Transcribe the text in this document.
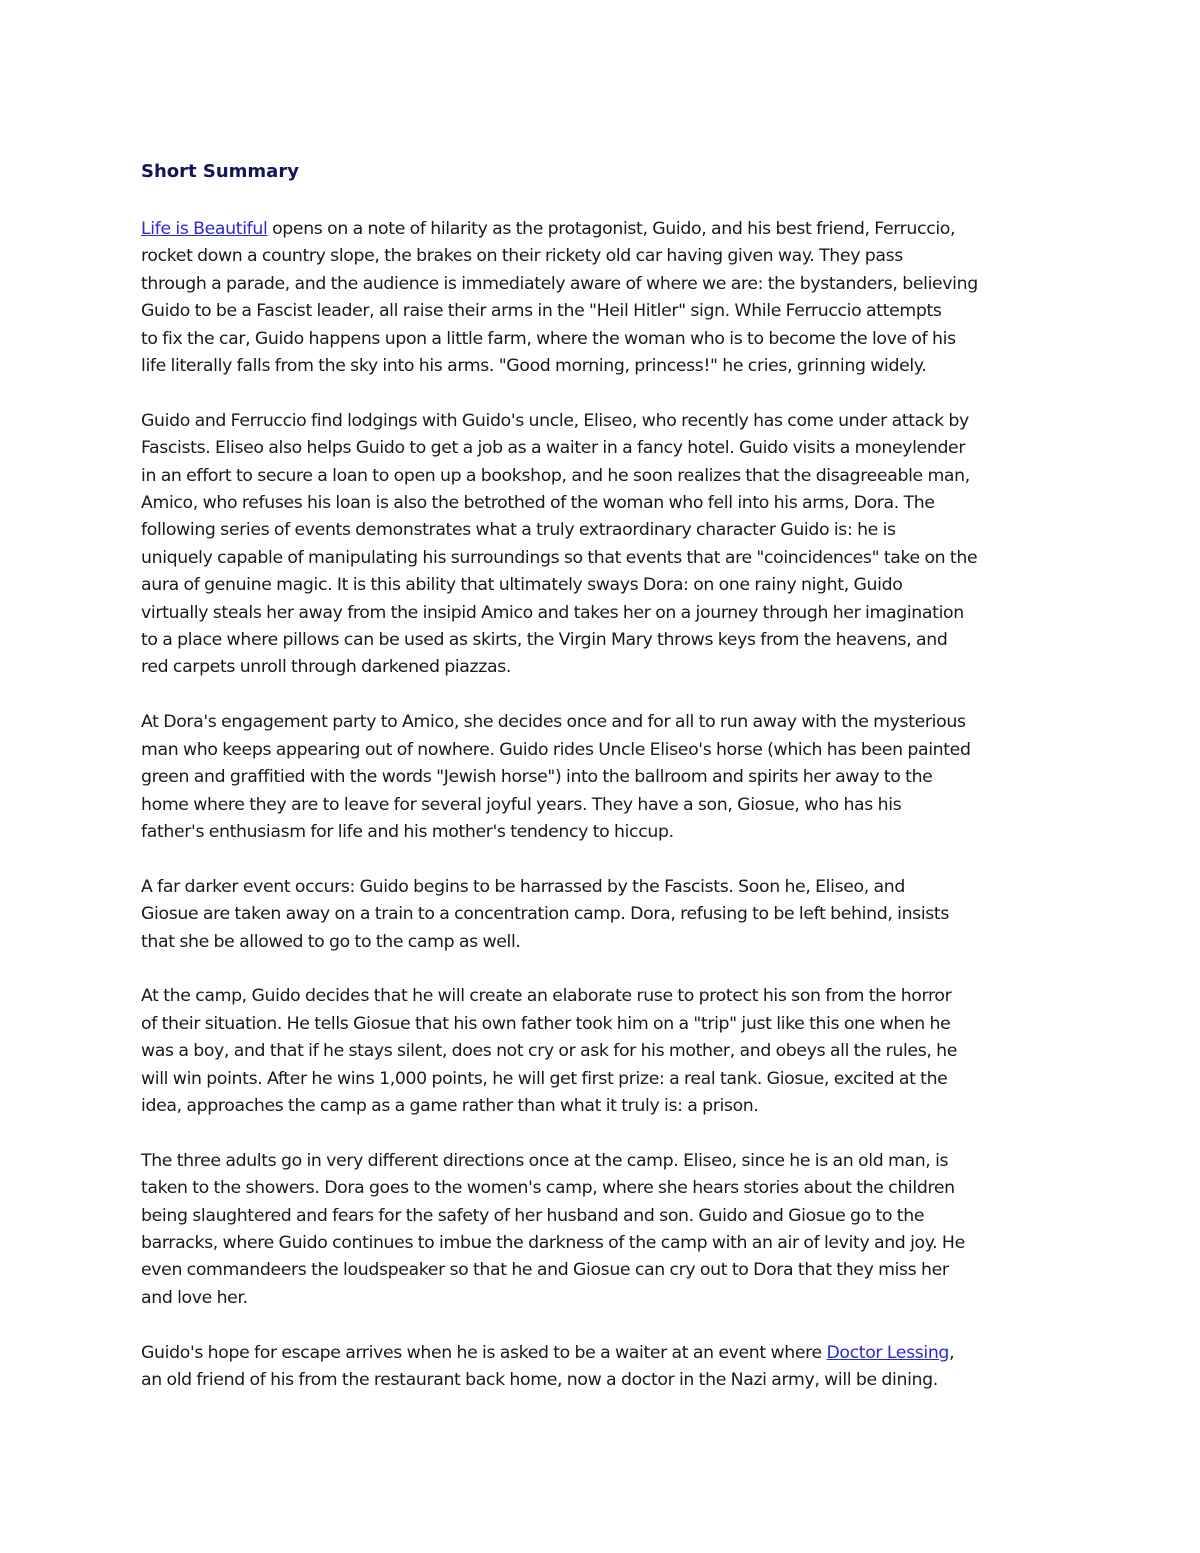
Short Summary
Life is Beautiful opens on a note of hilarity as the protagonist, Guido, and his best friend, Ferruccio,
rocket down a country slope, the brakes on their rickety old car having given way. They pass
through a parade, and the audience is immediately aware of where we are: the bystanders, believing
Guido to be a Fascist leader, all raise their arms in the "Heil Hitler" sign. While Ferruccio attempts
to fix the car, Guido happens upon a little farm, where the woman who is to become the love of his
life literally falls from the sky into his arms. "Good morning, princess!" he cries, grinning widely.
Guido and Ferruccio find lodgings with Guido's uncle, Eliseo, who recently has come under attack by
Fascists. Eliseo also helps Guido to get a job as a waiter in a fancy hotel. Guido visits a moneylender
in an effort to secure a loan to open up a bookshop, and he soon realizes that the disagreeable man,
Amico, who refuses his loan is also the betrothed of the woman who fell into his arms, Dora. The
following series of events demonstrates what a truly extraordinary character Guido is: he is
uniquely capable of manipulating his surroundings so that events that are "coincidences" take on the
aura of genuine magic. It is this ability that ultimately sways Dora: on one rainy night, Guido
virtually steals her away from the insipid Amico and takes her on a journey through her imagination
to a place where pillows can be used as skirts, the Virgin Mary throws keys from the heavens, and
red carpets unroll through darkened piazzas.
At Dora's engagement party to Amico, she decides once and for all to run away with the mysterious
man who keeps appearing out of nowhere. Guido rides Uncle Eliseo's horse (which has been painted
green and graffitied with the words "Jewish horse") into the ballroom and spirits her away to the
home where they are to leave for several joyful years. They have a son, Giosue, who has his
father's enthusiasm for life and his mother's tendency to hiccup.
A far darker event occurs: Guido begins to be harrassed by the Fascists. Soon he, Eliseo, and
Giosue are taken away on a train to a concentration camp. Dora, refusing to be left behind, insists
that she be allowed to go to the camp as well.
At the camp, Guido decides that he will create an elaborate ruse to protect his son from the horror
of their situation. He tells Giosue that his own father took him on a "trip" just like this one when he
was a boy, and that if he stays silent, does not cry or ask for his mother, and obeys all the rules, he
will win points. After he wins 1,000 points, he will get first prize: a real tank. Giosue, excited at the
idea, approaches the camp as a game rather than what it truly is: a prison.
The three adults go in very different directions once at the camp. Eliseo, since he is an old man, is
taken to the showers. Dora goes to the women's camp, where she hears stories about the children
being slaughtered and fears for the safety of her husband and son. Guido and Giosue go to the
barracks, where Guido continues to imbue the darkness of the camp with an air of levity and joy. He
even commandeers the loudspeaker so that he and Giosue can cry out to Dora that they miss her
and love her.
Guido's hope for escape arrives when he is asked to be a waiter at an event where Doctor Lessing,
an old friend of his from the restaurant back home, now a doctor in the Nazi army, will be dining.
